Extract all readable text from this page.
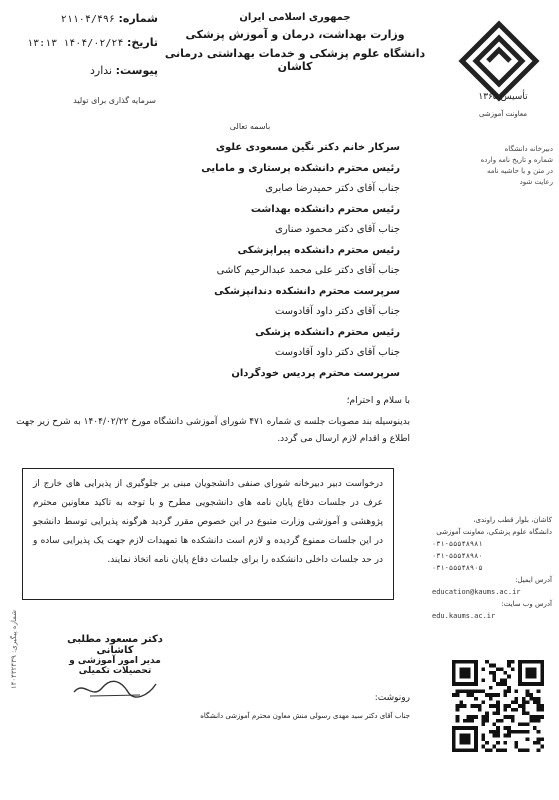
تأسیس ۱۳۶۵
معاونت آموزشی
جمهوری اسلامی ایران
وزارت بهداشت، درمان و آموزش پزشکی
دانشگاه علوم پزشکی و خدمات بهداشتی درمانی کاشان
شماره: ۲۱۱۰۴/۴۹۶
تاریخ: ۱۴۰۴/۰۲/۲۴ ۱۳:۱۳
پیوست: ندارد
سرمایه گذاری برای تولید
باسمه تعالی
سرکار خانم دکتر نگین مسعودی علوی
رئیس محترم دانشکده پرستاری و مامایی
جناب آقای دکتر حمیدرضا صابری
رئیس محترم دانشکده بهداشت
جناب آقای دکتر محمود صناری
رئیس محترم دانشکده پیراپزشکی
جناب آقای دکتر علی محمد عبدالرحیم کاشی
سرپرست محترم دانشکده دندانپزشکی
جناب آقای دکتر داود آقادوست
رئیس محترم دانشکده پزشکی
جناب آقای دکتر داود آقادوست
سرپرست محترم پردیس خودگردان
با سلام و احترام؛
بدینوسیله بند مصوبات جلسه ی شماره ۴۷۱ شورای آموزشی دانشگاه مورخ ۱۴۰۴/۰۲/۲۲ به شرح زیر جهت اطلاع و اقدام لازم ارسال می گردد.

درخواست دبیر دبیرخانه شورای صنفی دانشجویان مبنی بر جلوگیری از پذیرایی های خارج از عرف در جلسات دفاع پایان نامه های دانشجویی مطرح و با توجه به تاکید معاونین محترم پژوهشی و آموزشی وزارت متبوع در این خصوص مقرر گردید هرگونه پذیرایی توسط دانشجو در این جلسات ممنوع گردیده و لازم است دانشکده ها تمهیدات لازم جهت یک پذیرایی ساده و در حد جلسات داخلی دانشکده را برای جلسات دفاع پایان نامه اتخاذ نمایند.

دکتر مسعود مطلبی کاشانی
مدیر امور آموزشی و تحصیلات تکمیلی
رونوشت:
جناب آقای دکتر سید مهدی رسولی منش معاون محترم آموزشی دانشگاه
دبیرخانه دانشگاه
شماره و تاریخ نامه وارده
در متن و یا حاشیه نامه
رعایت شود
کاشان، بلوار قطب راوندی،
دانشگاه علوم پزشکی، معاونت آموزشی
۰۳۱-۵۵۵۴۸۹۸۱
۰۳۱-۵۵۵۴۸۹۸۰
۰۳۱-۵۵۵۴۸۹۰۵
آدرس ایمیل:
education@kaums.ac.ir
آدرس وب سایت:
edu.kaums.ac.ir
شماره پیگیری: ۱۴۰۴۳۲۴۳۹
